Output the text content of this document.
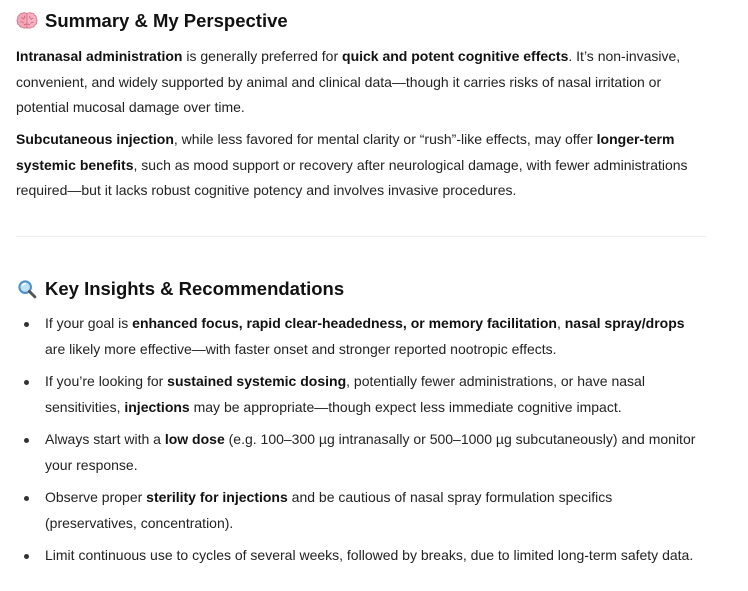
Summary & My Perspective

Intranasal administration is generally preferred for quick and potent cognitive effects. It’s non-invasive, convenient, and widely supported by animal and clinical data—though it carries risks of nasal irritation or potential mucosal damage over time.

Subcutaneous injection, while less favored for mental clarity or “rush”-like effects, may offer longer-term systemic benefits, such as mood support or recovery after neurological damage, with fewer administrations required—but it lacks robust cognitive potency and involves invasive procedures.

Key Insights & Recommendations
If your goal is enhanced focus, rapid clear-headedness, or memory facilitation, nasal spray/drops are likely more effective—with faster onset and stronger reported nootropic effects.
If you’re looking for sustained systemic dosing, potentially fewer administrations, or have nasal sensitivities, injections may be appropriate—though expect less immediate cognitive impact.
Always start with a low dose (e.g. 100–300 µg intranasally or 500–1000 µg subcutaneously) and monitor your response.
Observe proper sterility for injections and be cautious of nasal spray formulation specifics (preservatives, concentration).
Limit continuous use to cycles of several weeks, followed by breaks, due to limited long-term safety data.
